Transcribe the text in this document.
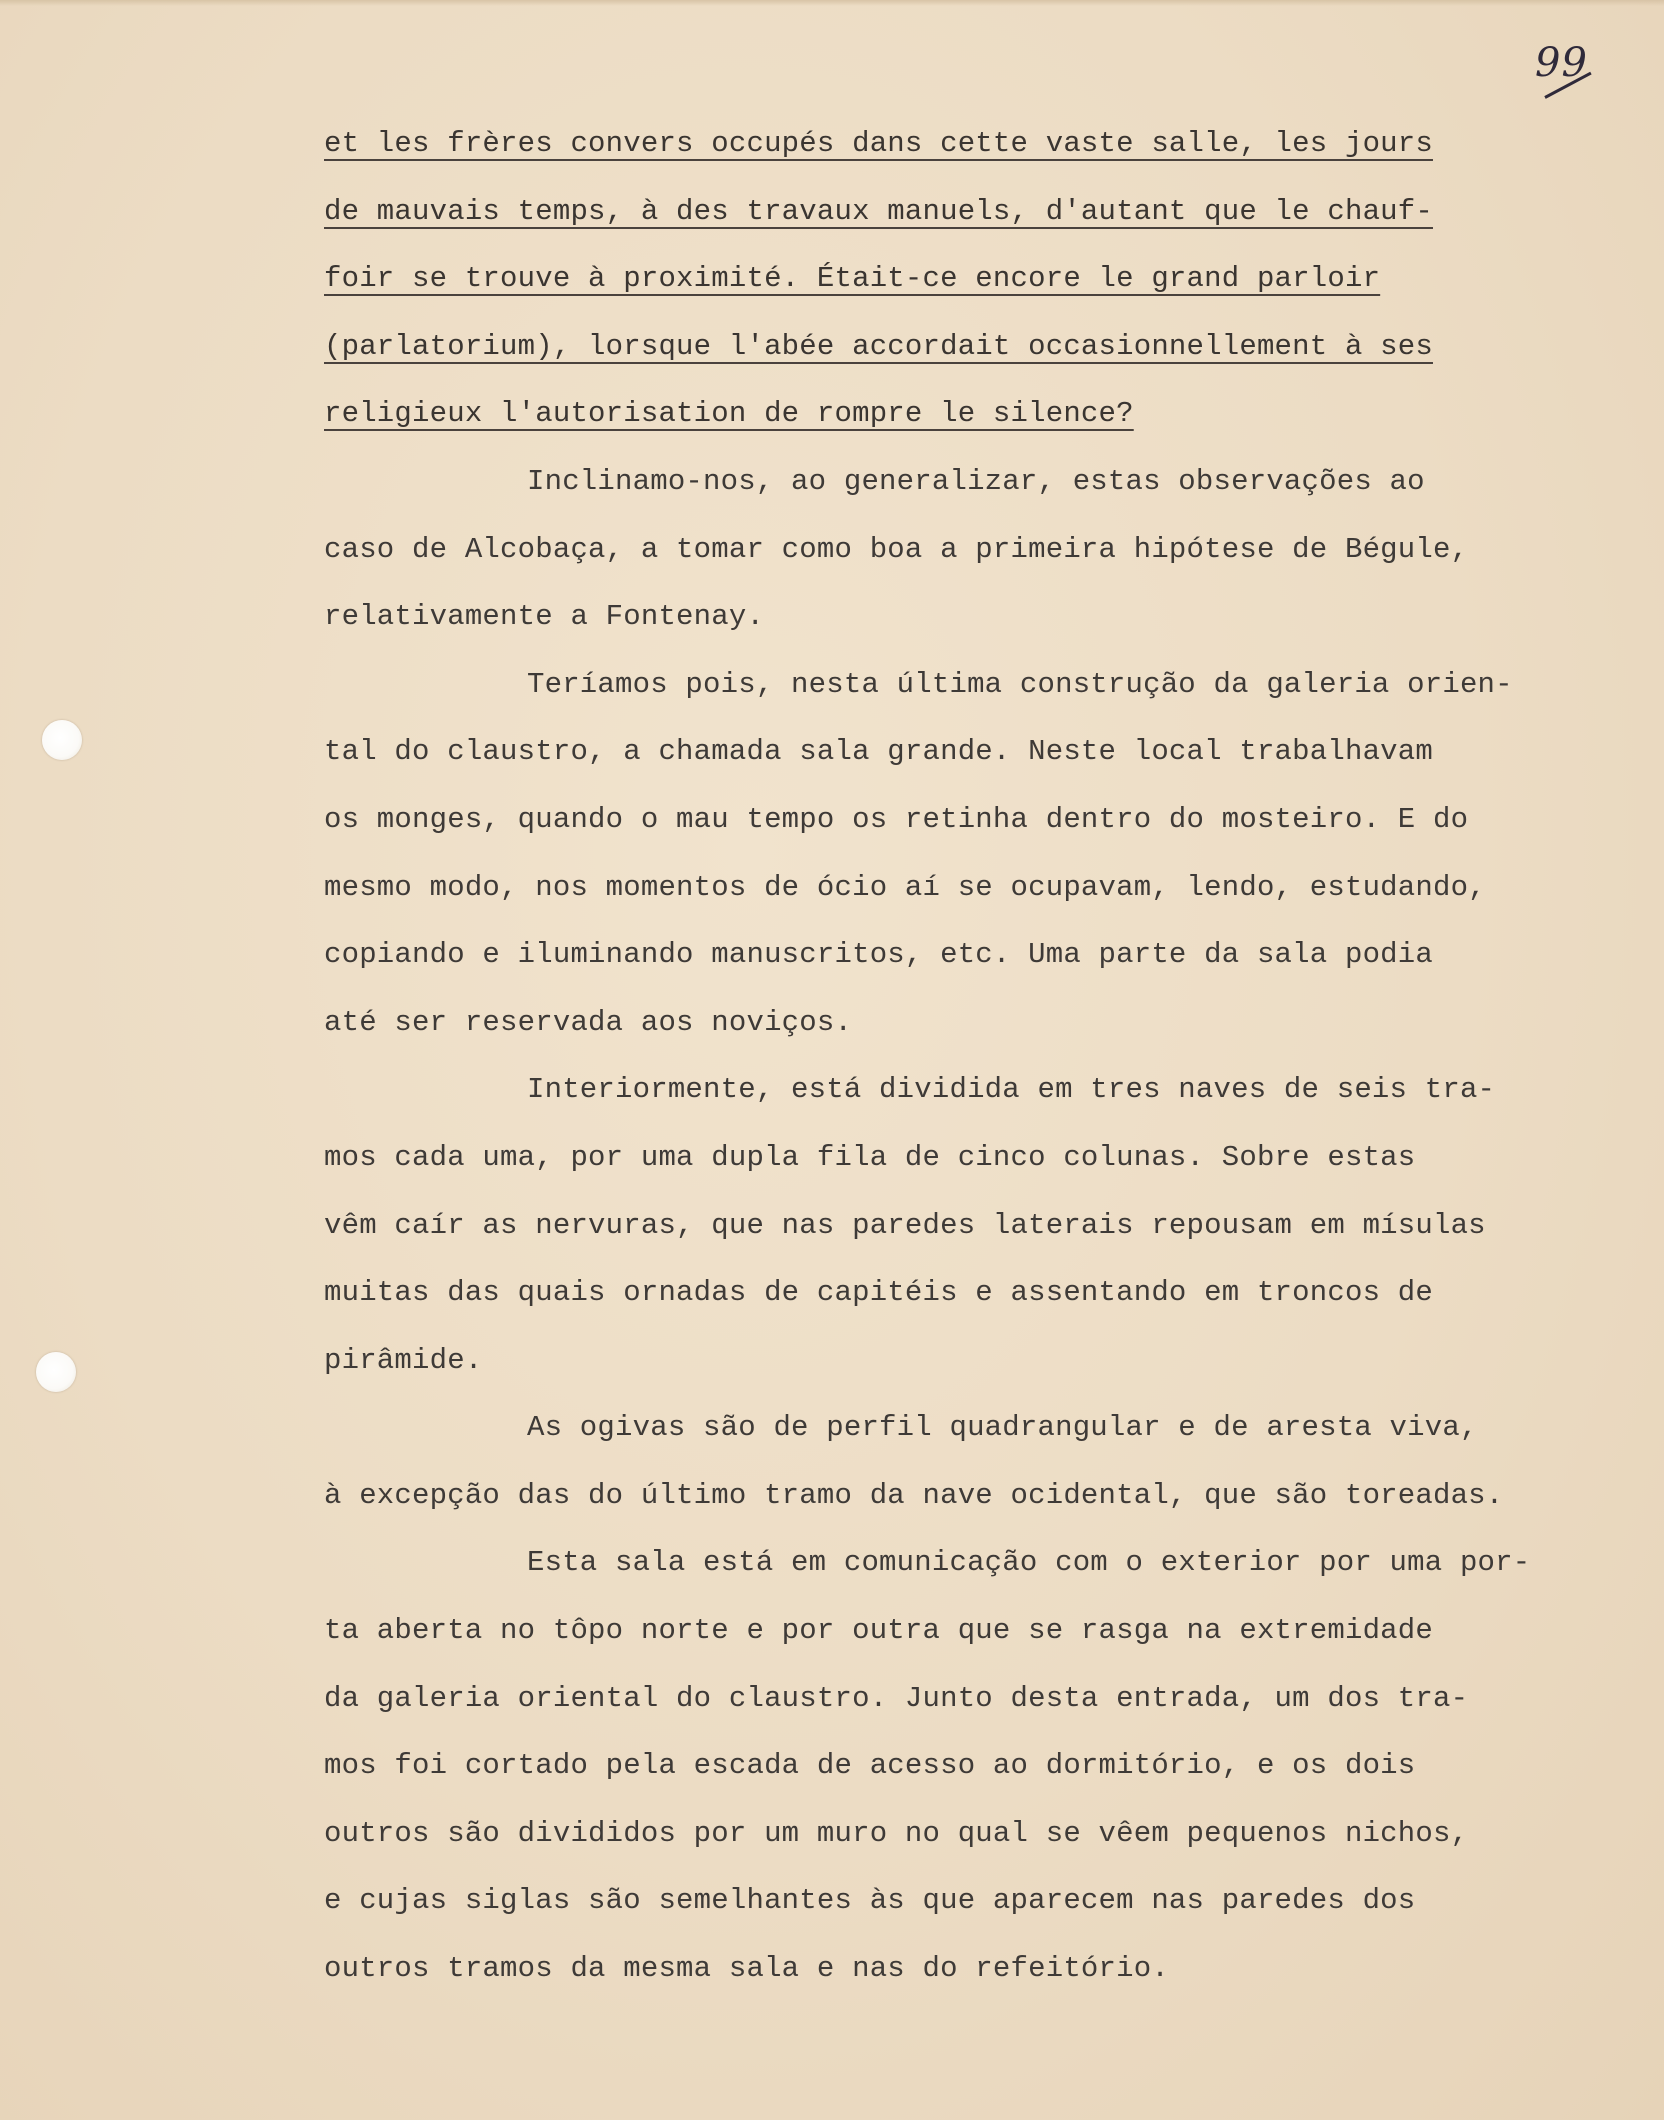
99
et les frères convers occupés dans cette vaste salle, les jours
de mauvais temps, à des travaux manuels, d'autant que le chauf-
foir se trouve à proximité. Était-ce encore le grand parloir
(parlatorium), lorsque l'abée accordait occasionnellement à ses
religieux l'autorisation de rompre le silence?
Inclinamo-nos, ao generalizar, estas observações ao
caso de Alcobaça, a tomar como boa a primeira hipótese de Bégule,
relativamente a Fontenay.
Teríamos pois, nesta última construção da galeria orien-
tal do claustro, a chamada sala grande. Neste local trabalhavam
os monges, quando o mau tempo os retinha dentro do mosteiro. E do
mesmo modo, nos momentos de ócio aí se ocupavam, lendo, estudando,
copiando e iluminando manuscritos, etc. Uma parte da sala podia
até ser reservada aos noviços.
Interiormente, está dividida em tres naves de seis tra-
mos cada uma, por uma dupla fila de cinco colunas. Sobre estas
vêm caír as nervuras, que nas paredes laterais repousam em mísulas
muitas das quais ornadas de capitéis e assentando em troncos de
pirâmide.
As ogivas são de perfil quadrangular e de aresta viva,
à excepção das do último tramo da nave ocidental, que são toreadas.
Esta sala está em comunicação com o exterior por uma por-
ta aberta no tôpo norte e por outra que se rasga na extremidade
da galeria oriental do claustro. Junto desta entrada, um dos tra-
mos foi cortado pela escada de acesso ao dormitório, e os dois
outros são divididos por um muro no qual se vêem pequenos nichos,
e cujas siglas são semelhantes às que aparecem nas paredes dos
outros tramos da mesma sala e nas do refeitório.
